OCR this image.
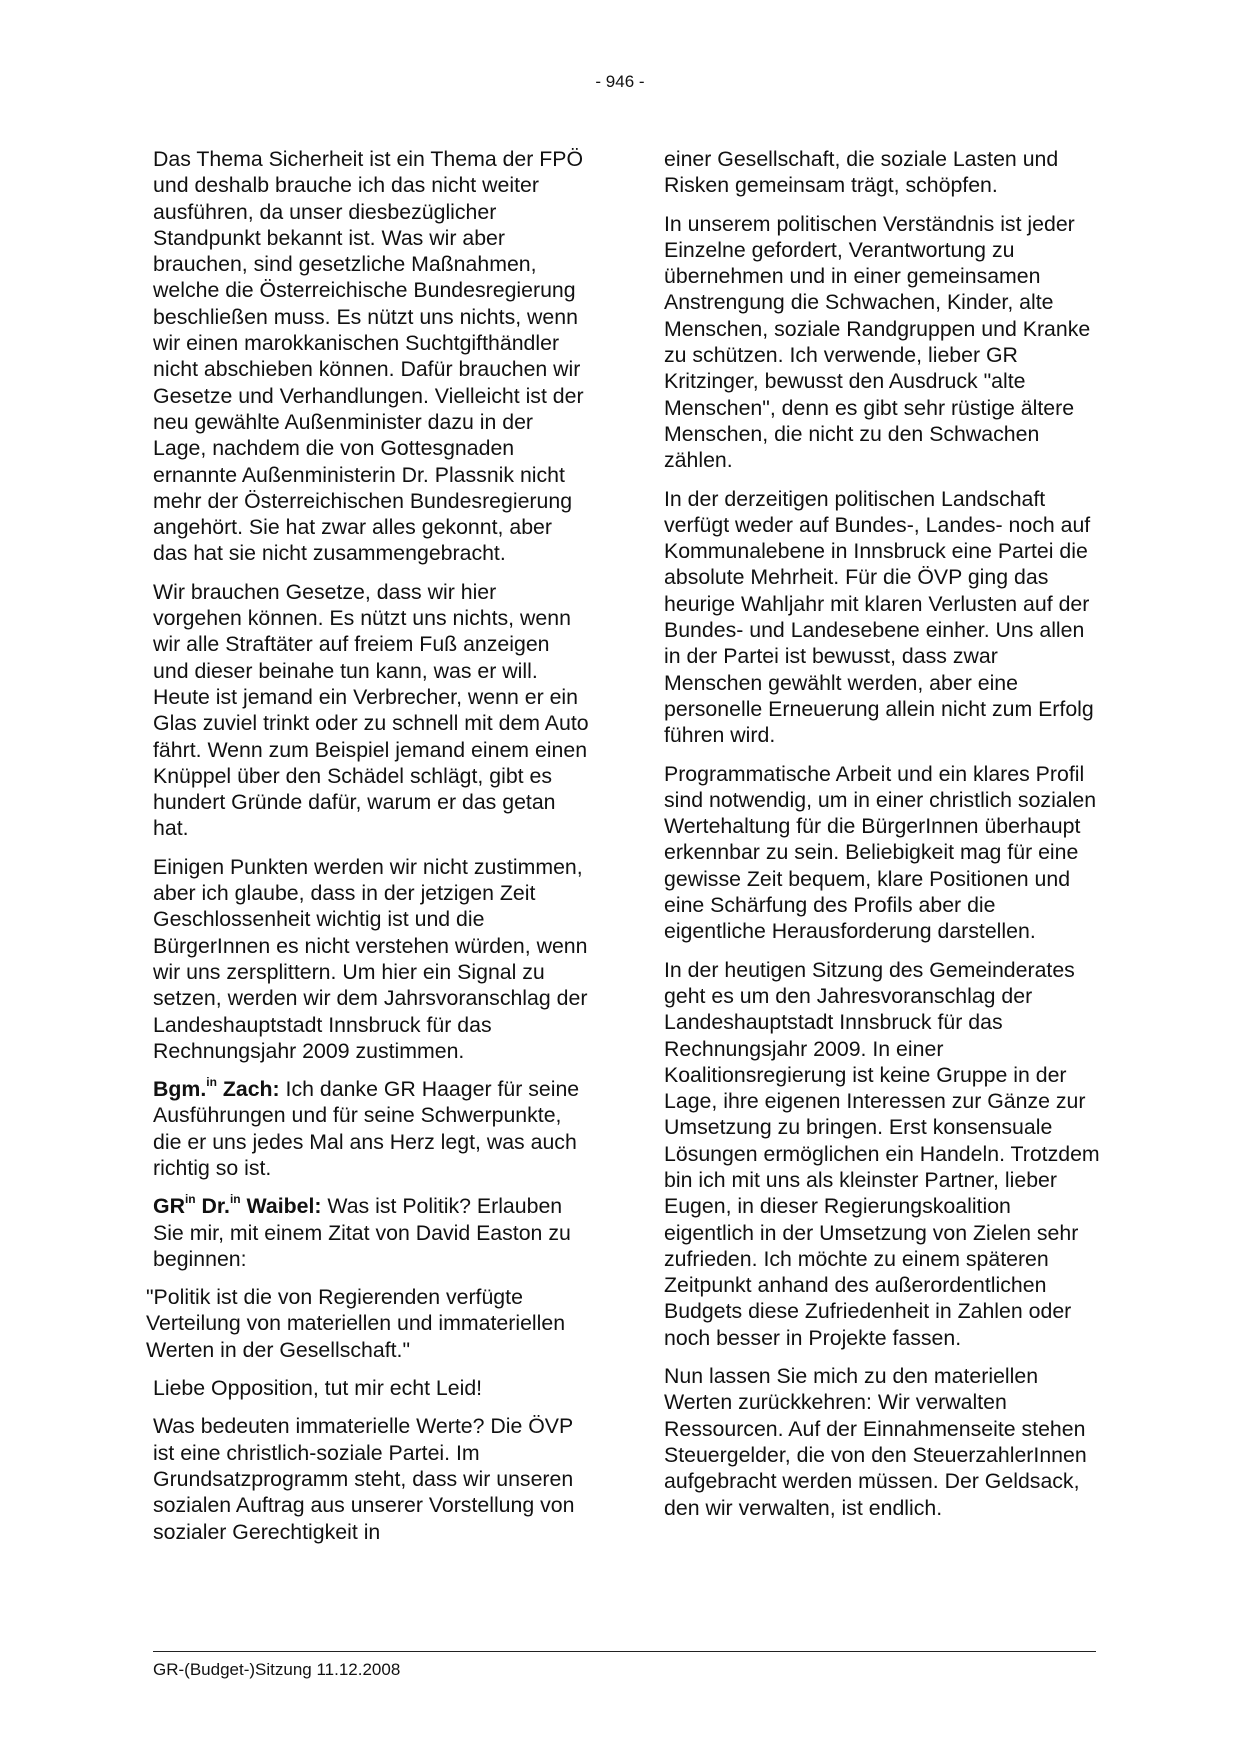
- 946 -

Das Thema Sicherheit ist ein Thema der FPÖ und deshalb brauche ich das nicht weiter ausführen, da unser diesbezüglicher Standpunkt bekannt ist. Was wir aber brauchen, sind gesetzliche Maßnahmen, welche die Österreichische Bundesregierung beschließen muss. Es nützt uns nichts, wenn wir einen marokkanischen Suchtgifthändler nicht abschieben können. Dafür brauchen wir Gesetze und Verhandlungen. Vielleicht ist der neu gewählte Außenminister dazu in der Lage, nachdem die von Gottesgnaden ernannte Außenministerin Dr. Plassnik nicht mehr der Österreichischen Bundesregierung angehört. Sie hat zwar alles gekonnt, aber das hat sie nicht zusammengebracht.

Wir brauchen Gesetze, dass wir hier vorgehen können. Es nützt uns nichts, wenn wir alle Straftäter auf freiem Fuß anzeigen und dieser beinahe tun kann, was er will. Heute ist jemand ein Verbrecher, wenn er ein Glas zuviel trinkt oder zu schnell mit dem Auto fährt. Wenn zum Beispiel jemand einem einen Knüppel über den Schädel schlägt, gibt es hundert Gründe dafür, warum er das getan hat.

Einigen Punkten werden wir nicht zustimmen, aber ich glaube, dass in der jetzigen Zeit Geschlossenheit wichtig ist und die BürgerInnen es nicht verstehen würden, wenn wir uns zersplittern. Um hier ein Signal zu setzen, werden wir dem Jahrsvoranschlag der Landeshauptstadt Innsbruck für das Rechnungsjahr 2009 zustimmen.

Bgm.$^{in}$ Zach: Ich danke GR Haager für seine Ausführungen und für seine Schwerpunkte, die er uns jedes Mal ans Herz legt, was auch richtig so ist.

$GR^{in}$ Dr.$^{in}$ Waibel: Was ist Politik? Erlauben Sie mir, mit einem Zitat von David Easton zu beginnen:

"Politik ist die von Regierenden verfügte Verteilung von materiellen und immateriellen Werten in der Gesellschaft."

Liebe Opposition, tut mir echt Leid!

Was bedeuten immaterielle Werte? Die ÖVP ist eine christlich-soziale Partei. Im Grundsatzprogramm steht, dass wir unseren sozialen Auftrag aus unserer Vorstellung von sozialer Gerechtigkeit in

einer Gesellschaft, die soziale Lasten und Risken gemeinsam trägt, schöpfen.

In unserem politischen Verständnis ist jeder Einzelne gefordert, Verantwortung zu übernehmen und in einer gemeinsamen Anstrengung die Schwachen, Kinder, alte Menschen, soziale Randgruppen und Kranke zu schützen. Ich verwende, lieber GR Kritzinger, bewusst den Ausdruck "alte Menschen", denn es gibt sehr rüstige ältere Menschen, die nicht zu den Schwachen zählen.

In der derzeitigen politischen Landschaft verfügt weder auf Bundes-, Landes- noch auf Kommunalebene in Innsbruck eine Partei die absolute Mehrheit. Für die ÖVP ging das heurige Wahljahr mit klaren Verlusten auf der Bundes- und Landesebene einher. Uns allen in der Partei ist bewusst, dass zwar Menschen gewählt werden, aber eine personelle Erneuerung allein nicht zum Erfolg führen wird.

Programmatische Arbeit und ein klares Profil sind notwendig, um in einer christlich sozialen Wertehaltung für die BürgerInnen überhaupt erkennbar zu sein. Beliebigkeit mag für eine gewisse Zeit bequem, klare Positionen und eine Schärfung des Profils aber die eigentliche Herausforderung darstellen.

In der heutigen Sitzung des Gemeinderates geht es um den Jahresvoranschlag der Landeshauptstadt Innsbruck für das Rechnungsjahr 2009. In einer Koalitionsregierung ist keine Gruppe in der Lage, ihre eigenen Interessen zur Gänze zur Umsetzung zu bringen. Erst konsensuale Lösungen ermöglichen ein Handeln. Trotzdem bin ich mit uns als kleinster Partner, lieber Eugen, in dieser Regierungskoalition eigentlich in der Umsetzung von Zielen sehr zufrieden. Ich möchte zu einem späteren Zeitpunkt anhand des außerordentlichen Budgets diese Zufriedenheit in Zahlen oder noch besser in Projekte fassen.

Nun lassen Sie mich zu den materiellen Werten zurückkehren: Wir verwalten Ressourcen. Auf der Einnahmenseite stehen Steuergelder, die von den SteuerzahlerInnen aufgebracht werden müssen. Der Geldsack, den wir verwalten, ist endlich.

GR-(Budget-)Sitzung 11.12.2008
